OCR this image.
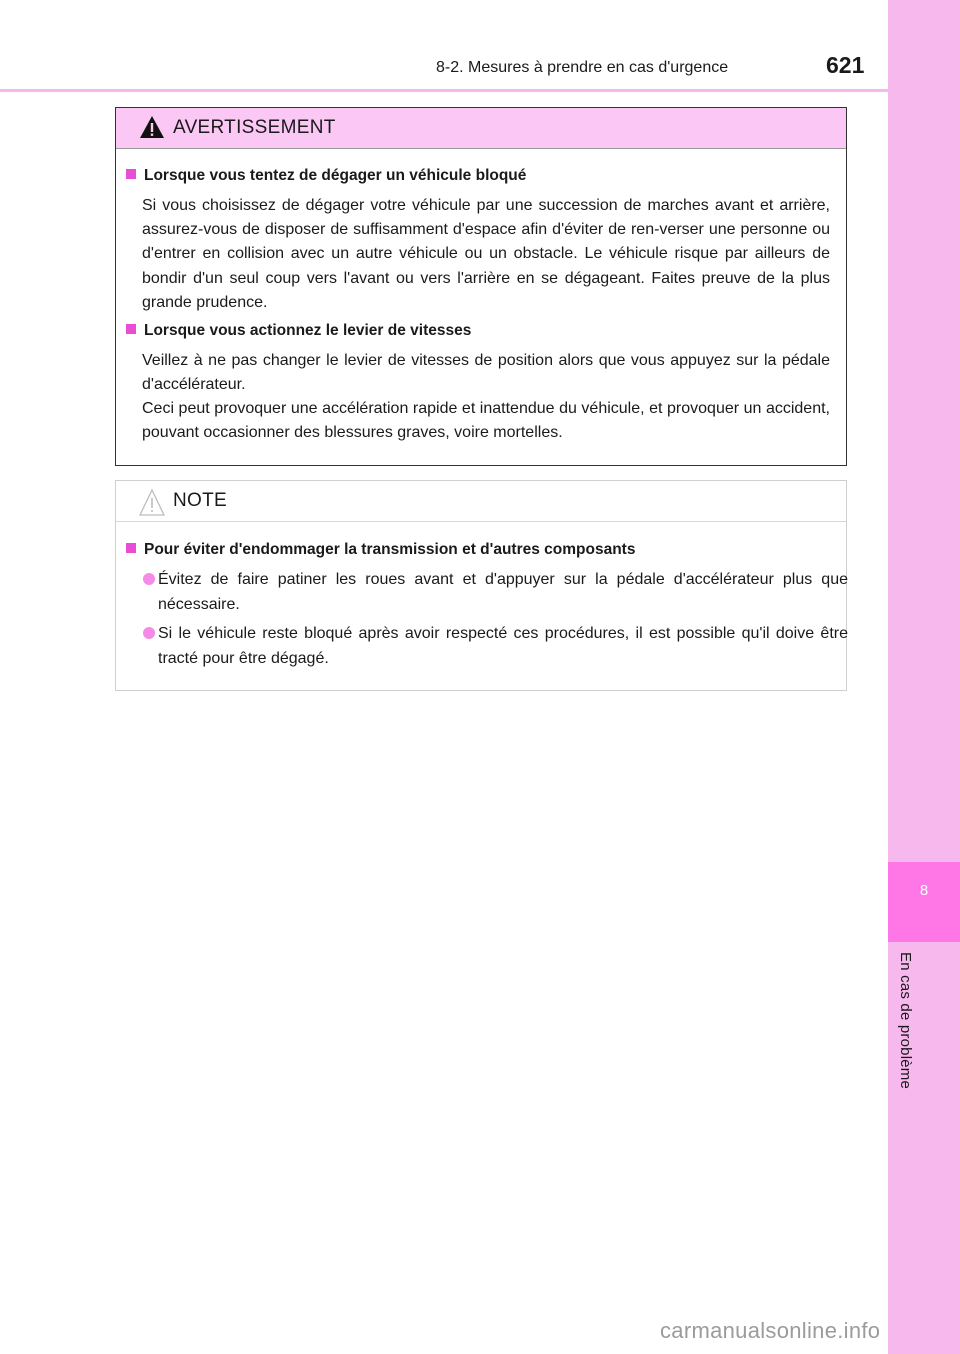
8
En cas de problème
8-2. Mesures à prendre en cas d'urgence	621
AVERTISSEMENT
Lorsque vous tentez de dégager un véhicule bloqué
Si vous choisissez de dégager votre véhicule par une succession de marches avant et arrière, assurez-vous de disposer de suffisamment d'espace afin d'éviter de ren-verser une personne ou d'entrer en collision avec un autre véhicule ou un obstacle. Le véhicule risque par ailleurs de bondir d'un seul coup vers l'avant ou vers l'arrière en se dégageant. Faites preuve de la plus grande prudence.
Lorsque vous actionnez le levier de vitesses
Veillez à ne pas changer le levier de vitesses de position alors que vous appuyez sur la pédale d'accélérateur.
Ceci peut provoquer une accélération rapide et inattendue du véhicule, et provoquer un accident, pouvant occasionner des blessures graves, voire mortelles.
NOTE
Pour éviter d'endommager la transmission et d'autres composants
Évitez de faire patiner les roues avant et d'appuyer sur la pédale d'accélérateur plus que nécessaire.
Si le véhicule reste bloqué après avoir respecté ces procédures, il est possible qu'il doive être tracté pour être dégagé.
carmanualsonline.info
